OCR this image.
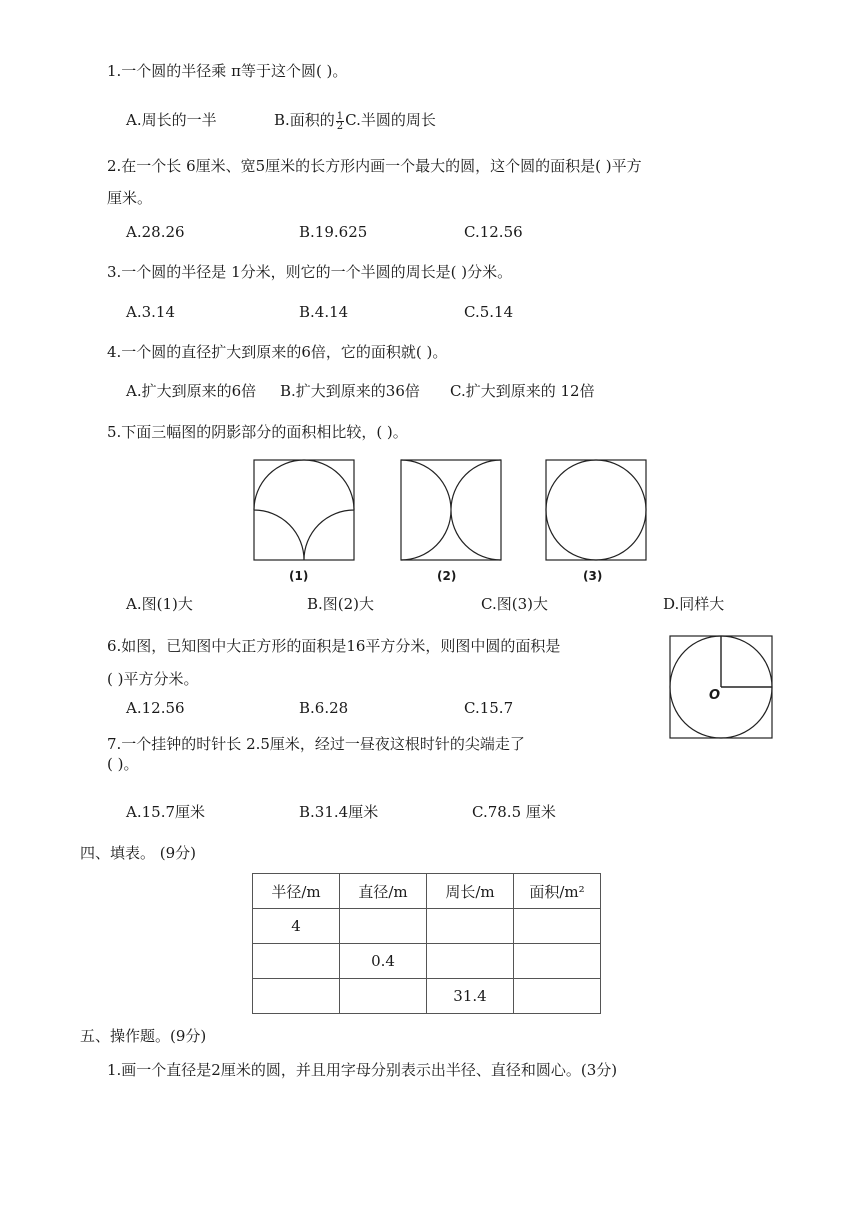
1.一个圆的半径乘 π等于这个圆( )。
A.周长的一半	B.面积的 $\frac{1}{2} C$.半圆的周长
2.在一个长 6厘米、宽5厘米的长方形内画一个最大的圆，这个圆的面积是( )平方
厘米。
A.28.26	B.19.625	C.12.56
3.一个圆的半径是 1分米，则它的一个半圆的周长是( )分米。
A.3.14	B.4.14	C.5.14
4.一个圆的直径扩大到原来的6倍，它的面积就( )。
A.扩大到原来的6倍 B.扩大到原来的36倍 C.扩大到原来的 12倍
5.下面三幅图的阴影部分的面积相比较，( )。
(1)	(2)	(3)
A.图(1)大	B.图(2)大	C.图(3)大	D.同样大
6.如图，已知图中大正方形的面积是16平方分米，则图中圆的面积是
( )平方分米。
A.12.56	B.6.28	C.15.7
O
7.一个挂钟的时针长 2.5厘米，经过一昼夜这根时针的尖端走了
( )。
A.15.7厘米	B.31.4厘米	C.78.5 厘米
四、填表。 (9分)
半径/m	直径/m	周长/m	面积/m²
4			
	0.4		
		31.4	
五、操作题。(9分)
1.画一个直径是2厘米的圆，并且用字母分别表示出半径、直径和圆心。(3分)
